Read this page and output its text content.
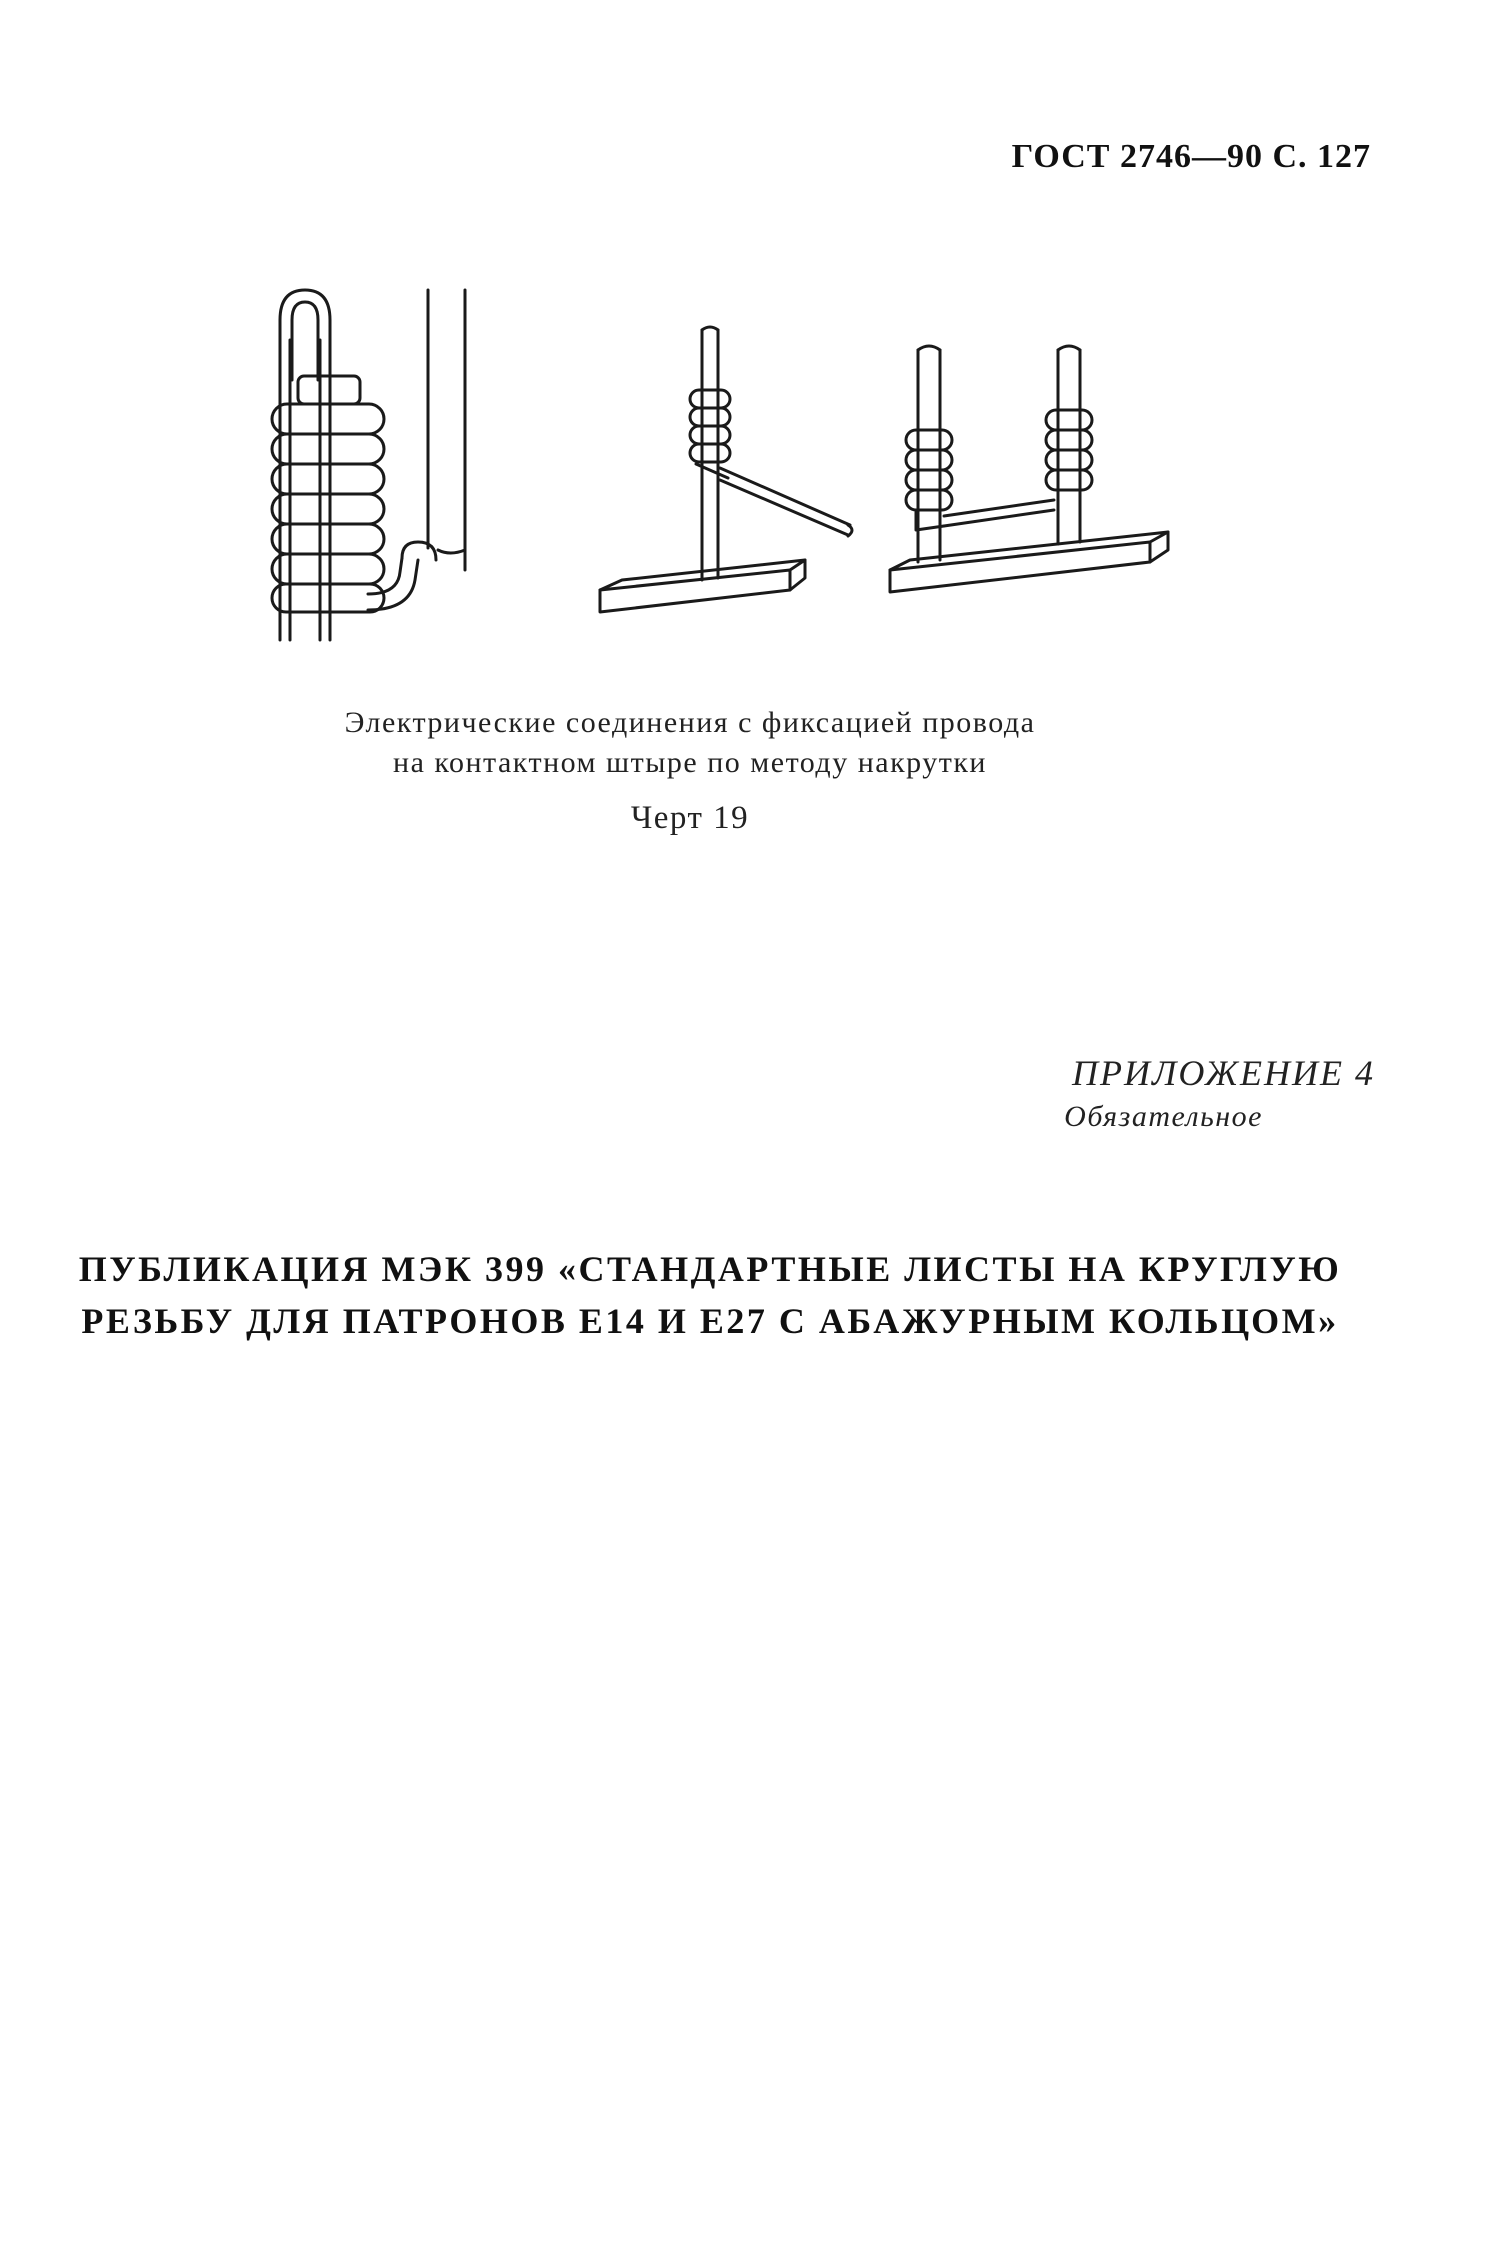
ГОСТ 2746—90 С. 127
Электрические соединения с фиксацией провода
на контактном штыре по методу накрутки
Черт 19
ПРИЛОЖЕНИЕ 4
Обязательное
ПУБЛИКАЦИЯ МЭК 399 «СТАНДАРТНЫЕ ЛИСТЫ НА КРУГЛУЮ
РЕЗЬБУ ДЛЯ ПАТРОНОВ Е14 И Е27 С АБАЖУРНЫМ КОЛЬЦОМ»
